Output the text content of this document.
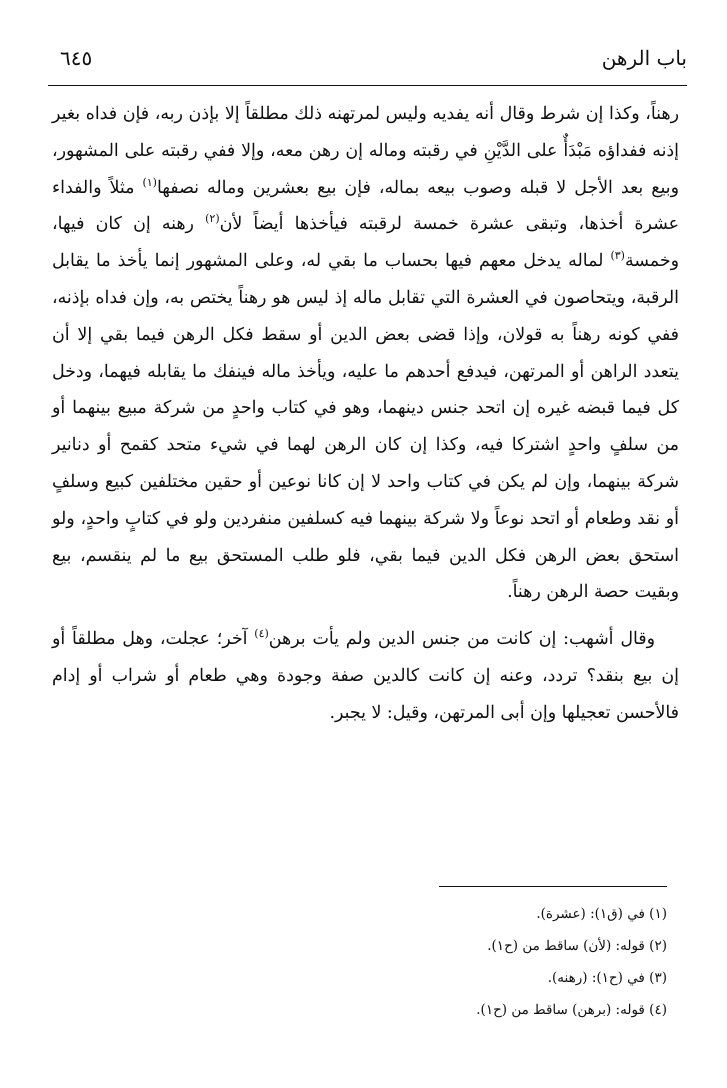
٦٤٥	باب الرهن

رهناً، وكذا إن شرط وقال أنه يفديه وليس لمرتهنه ذلك مطلقاً إلا بإذن ربه، فإن فداه بغير إذنه ففداؤه مَبْدَأٌ على الدَّيْنِ في رقبته وماله إن رهن معه، وإلا ففي رقبته على المشهور، وبيع بعد الأجل لا قبله وصوب بيعه بماله، فإن بيع بعشرين وماله نصفها$^{(١)}$ مثلاً والفداء عشرة أخذها، وتبقى عشرة خمسة لرقبته فيأخذها أيضاً لأن$^{(٢)}$ رهنه إن كان فيها، وخمسة$^{(٣)}$ لماله يدخل معهم فيها بحساب ما بقي له، وعلى المشهور إنما يأخذ ما يقابل الرقبة، ويتحاصون في العشرة التي تقابل ماله إذ ليس هو رهناً يختص به، وإن فداه بإذنه، ففي كونه رهناً به قولان، وإذا قضى بعض الدين أو سقط فكل الرهن فيما بقي إلا أن يتعدد الراهن أو المرتهن، فيدفع أحدهم ما عليه، ويأخذ ماله فينفك ما يقابله فيهما، ودخل كل فيما قبضه غيره إن اتحد جنس دينهما، وهو في كتاب واحدٍ من شركة مبيع بينهما أو من سلفٍ واحدٍ اشتركا فيه، وكذا إن كان الرهن لهما في شيء متحد كقمح أو دنانير شركة بينهما، وإن لم يكن في كتاب واحد لا إن كانا نوعين أو حقين مختلفين كبيع وسلفٍ أو نقد وطعام أو اتحد نوعاً ولا شركة بينهما فيه كسلفين منفردين ولو في كتابٍ واحدٍ، ولو استحق بعض الرهن فكل الدين فيما بقي، فلو طلب المستحق بيع ما لم ينقسم، بيع وبقيت حصة الرهن رهناً.

وقال أشهب: إن كانت من جنس الدين ولم يأت برهن$^{(٤)}$ آخر؛ عجلت، وهل مطلقاً أو إن بيع بنقد؟ تردد، وعنه إن كانت كالدين صفة وجودة وهي طعام أو شراب أو إدام فالأحسن تعجيلها وإن أبى المرتهن، وقيل: لا يجبر.

(١) في (ق١): (عشرة).
(٢) قوله: (لأن) ساقط من (ح١).
(٣) في (ح١): (رهنه).
(٤) قوله: (برهن) ساقط من (ح١).
